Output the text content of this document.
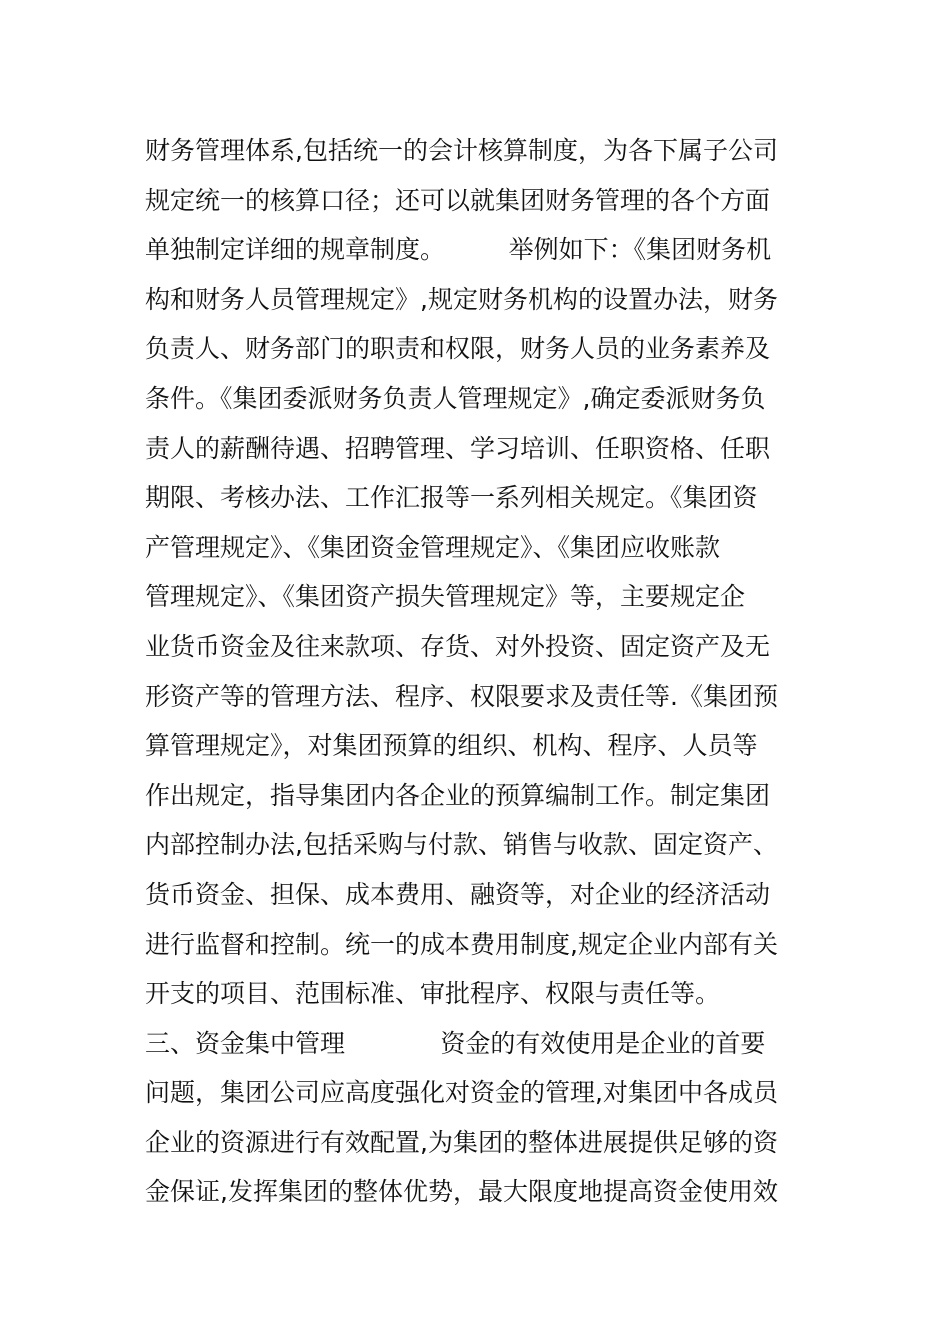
财务管理体系,包括统一的会计核算制度，为各下属子公司
规定统一的核算口径；还可以就集团财务管理的各个方面
单独制定详细的规章制度。        举例如下：《集团财务机
构和财务人员管理规定》,规定财务机构的设置办法，财务
负责人、财务部门的职责和权限，财务人员的业务素养及
条件。《集团委派财务负责人管理规定》,确定委派财务负
责人的薪酬待遇、招聘管理、学习培训、任职资格、任职
期限、考核办法、工作汇报等一系列相关规定。《集团资
产管理规定》、《集团资金管理规定》、《集团应收账款
管理规定》、《集团资产损失管理规定》等，主要规定企
业货币资金及往来款项、存货、对外投资、固定资产及无
形资产等的管理方法、程序、权限要求及责任等.《集团预
算管理规定》，对集团预算的组织、机构、程序、人员等
作出规定，指导集团内各企业的预算编制工作。制定集团
内部控制办法,包括采购与付款、销售与收款、固定资产、
货币资金、担保、成本费用、融资等，对企业的经济活动
进行监督和控制。统一的成本费用制度,规定企业内部有关
开支的项目、范围标准、审批程序、权限与责任等。
三、资金集中管理            资金的有效使用是企业的首要
问题，集团公司应高度强化对资金的管理,对集团中各成员
企业的资源进行有效配置,为集团的整体进展提供足够的资
金保证,发挥集团的整体优势，最大限度地提高资金使用效
